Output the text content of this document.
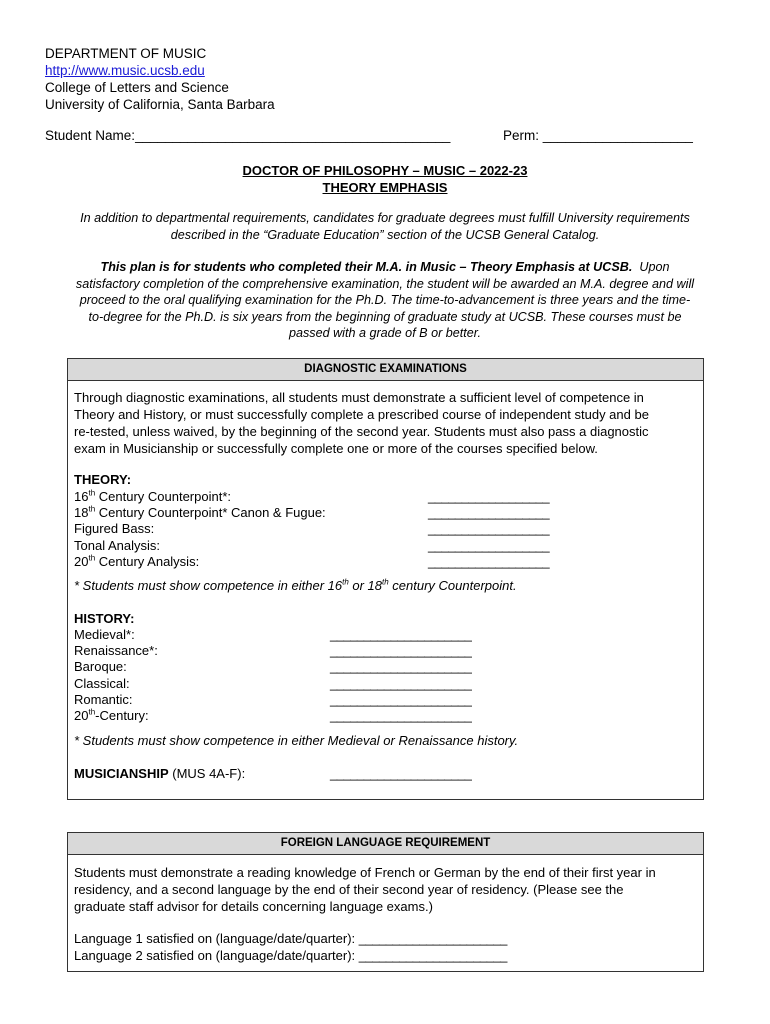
DEPARTMENT OF MUSIC
http://www.music.ucsb.edu
College of Letters and Science
University of California, Santa Barbara
Student Name:__________________________________________	Perm: ____________________
DOCTOR OF PHILOSOPHY – MUSIC – 2022-23
THEORY EMPHASIS
In addition to departmental requirements, candidates for graduate degrees must fulfill University requirements
described in the “Graduate Education” section of the UCSB General Catalog.
This plan is for students who completed their M.A. in Music – Theory Emphasis at UCSB. Upon
satisfactory completion of the comprehensive examination, the student will be awarded an M.A. degree and will
proceed to the oral qualifying examination for the Ph.D. The time-to-advancement is three years and the time-
to-degree for the Ph.D. is six years from the beginning of graduate study at UCSB. These courses must be
passed with a grade of B or better.
DIAGNOSTIC EXAMINATIONS
Through diagnostic examinations, all students must demonstrate a sufficient level of competence in
Theory and History, or must successfully complete a prescribed course of independent study and be
re-tested, unless waived, by the beginning of the second year. Students must also pass a diagnostic
exam in Musicianship or successfully complete one or more of the courses specified below.
THEORY:
16th Century Counterpoint*:	__________________
18th Century Counterpoint* Canon & Fugue:	__________________
Figured Bass:	__________________
Tonal Analysis:	__________________
20th Century Analysis:	__________________
* Students must show competence in either 16th or 18th century Counterpoint.
HISTORY:
Medieval*:	_____________________
Renaissance*:	_____________________
Baroque:	_____________________
Classical:	_____________________
Romantic:	_____________________
20th-Century:	_____________________
* Students must show competence in either Medieval or Renaissance history.
MUSICIANSHIP (MUS 4A-F):	_____________________
FOREIGN LANGUAGE REQUIREMENT
Students must demonstrate a reading knowledge of French or German by the end of their first year in
residency, and a second language by the end of their second year of residency. (Please see the
graduate staff advisor for details concerning language exams.)
Language 1 satisfied on (language/date/quarter): ______________________
Language 2 satisfied on (language/date/quarter): ______________________
